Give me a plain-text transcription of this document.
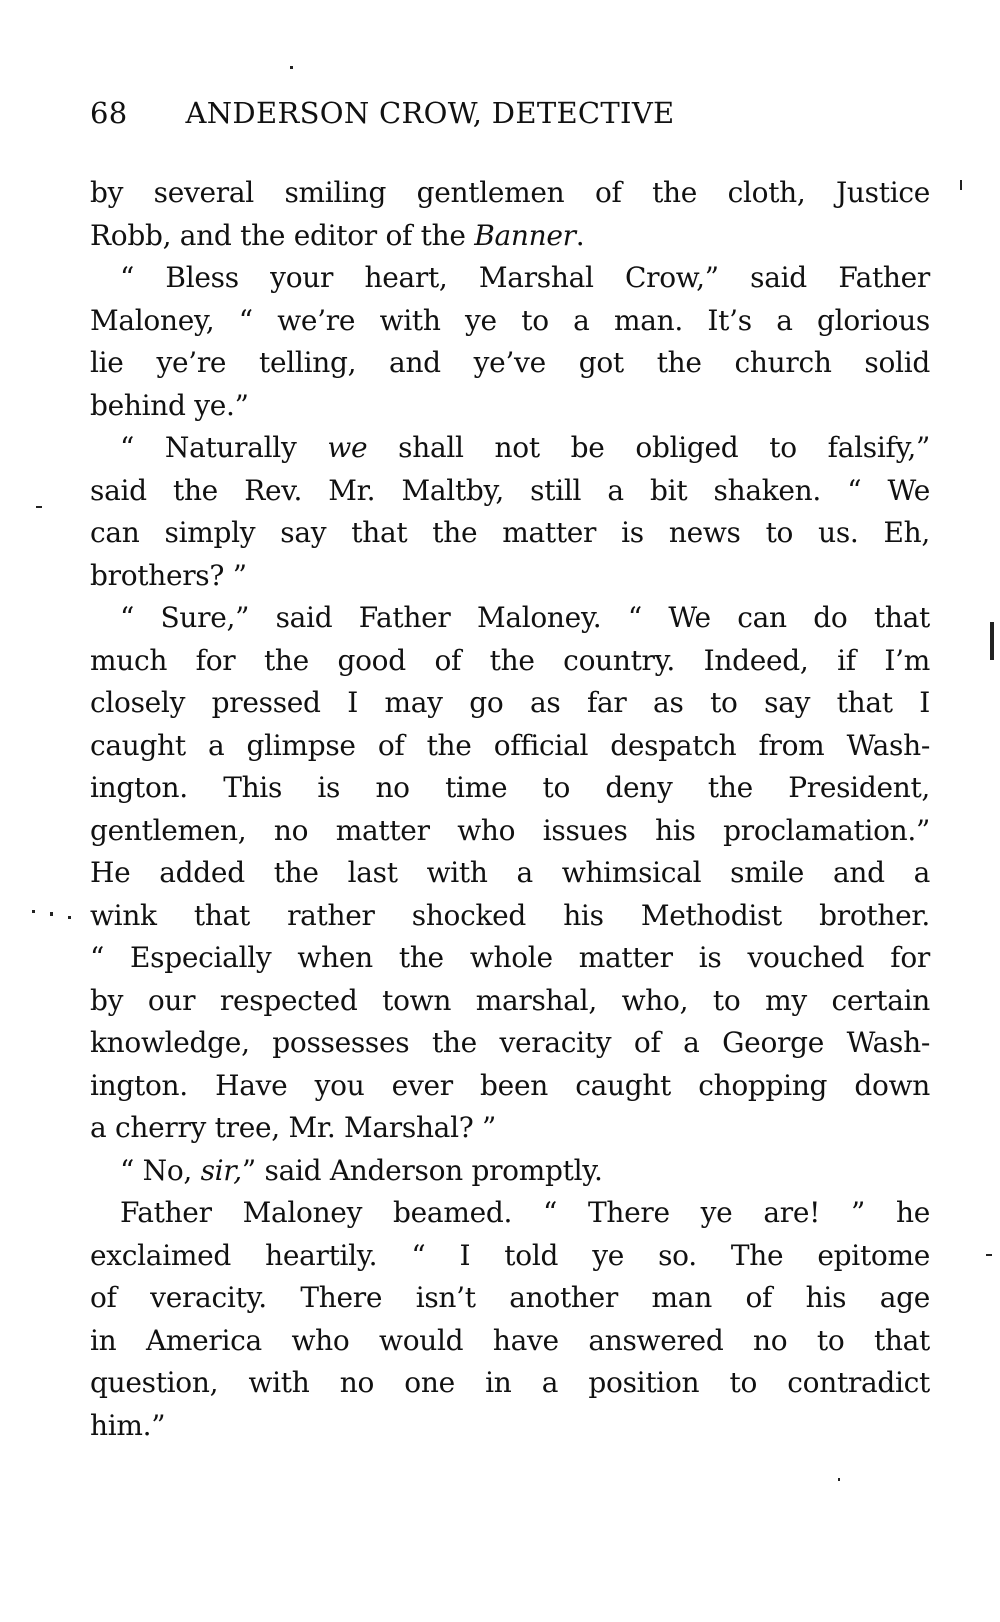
68 ANDERSON CROW, DETECTIVE
by several smiling gentlemen of the cloth, Justice
Robb, and the editor of the Banner.
“ Bless your heart, Marshal Crow,” said Father
Maloney, “ we’re with ye to a man. It’s a glorious
lie ye’re telling, and ye’ve got the church solid
behind ye.”
“ Naturally we shall not be obliged to falsify,”
said the Rev. Mr. Maltby, still a bit shaken. “ We
can simply say that the matter is news to us. Eh,
brothers? ”
“ Sure,” said Father Maloney. “ We can do that
much for the good of the country. Indeed, if I’m
closely pressed I may go as far as to say that I
caught a glimpse of the official despatch from Wash-
ington. This is no time to deny the President,
gentlemen, no matter who issues his proclamation.”
He added the last with a whimsical smile and a
wink that rather shocked his Methodist brother.
“ Especially when the whole matter is vouched for
by our respected town marshal, who, to my certain
knowledge, possesses the veracity of a George Wash-
ington. Have you ever been caught chopping down
a cherry tree, Mr. Marshal? ”
“ No, sir,” said Anderson promptly.
Father Maloney beamed. “ There ye are! ” he
exclaimed heartily. “ I told ye so. The epitome
of veracity. There isn’t another man of his age
in America who would have answered no to that
question, with no one in a position to contradict
him.”
